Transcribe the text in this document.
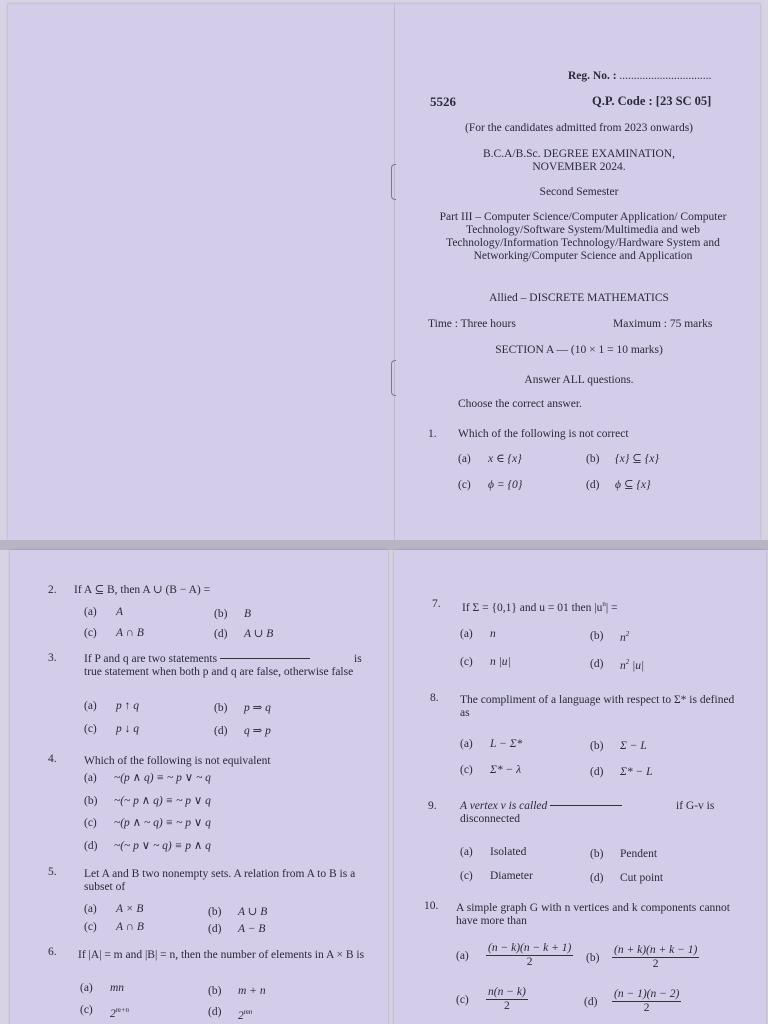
Reg. No. : ................................
5526	Q.P. Code : [23 SC 05]
(For the candidates admitted from 2023 onwards)
B.C.A/B.Sc. DEGREE EXAMINATION,
NOVEMBER 2024.
Second Semester
Part III – Computer Science/Computer Application/ Computer Technology/Software System/Multimedia and web Technology/Information Technology/Hardware System and Networking/Computer Science and Application
Allied – DISCRETE MATHEMATICS
Time : Three hours	Maximum : 75 marks
SECTION A — (10 × 1 = 10 marks)
Answer ALL questions.
Choose the correct answer.
1. Which of the following is not correct
(a) x ∈ {x}	(b) {x} ⊆ {x}
(c) ϕ = {0}	(d) ϕ ⊆ {x}
2. If A ⊆ B, then A ∪ (B − A) =
(a) A	(b) B
(c) A ∩ B	(d) A ∪ B
3. If P and q are two statements	is true statement when both p and q are false, otherwise false
(a) p ↑ q	(b) p ⇒ q
(c) p ↓ q	(d) q ⇒ p
4. Which of the following is not equivalent
(a) ~(p ∧ q) ≡ ~ p ∨ ~ q
(b) ~(~ p ∧ q) ≡ ~ p ∨ q
(c) ~(p ∧ ~ q) ≡ ~ p ∨ q
(d) ~(~ p ∨ ~ q) ≡ p ∧ q
5. Let A and B two nonempty sets. A relation from A to B is a subset of
(a) A × B	(b) A ∪ B
(c) A ∩ B	(d) A − B
6. If |A| = m and |B| = n, then the number of elements in A × B is
(a) mn	(b) m + n
(c) $2^{m+n}$	(d) $2^{mn}$
7. If Σ = {0,1} and u = 01 then $|u^n|$ =
(a) n	(b) $n^2$
(c) n |u|	(d) $n^2$ |u|
8. The compliment of a language with respect to Σ* is defined as
(a) L − Σ*	(b) Σ − L
(c) Σ* − λ	(d) Σ* − L
9. A vertex v is called	if G-v is disconnected
(a) Isolated	(b) Pendent
(c) Diameter	(d) Cut point
10. A simple graph G with n vertices and k components cannot have more than
$(a) \frac{(n - k)(n - k + 1)}{2} (b) \frac{(n + k)(n + k - 1)}{2}$
$(c) \frac{n(n - k)}{2}$	$(d) \frac{(n - 1)(n - 2)}{2}$
